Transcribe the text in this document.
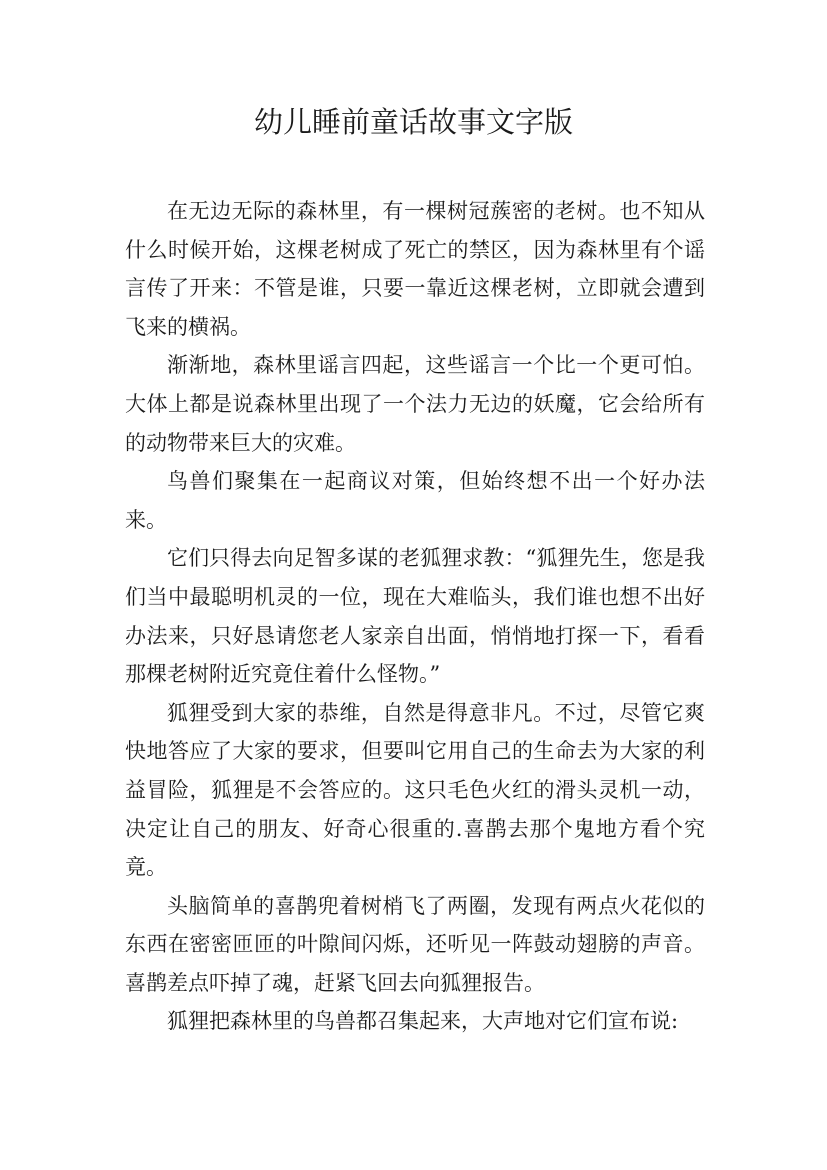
幼儿睡前童话故事文字版

在无边无际的森林里，有一棵树冠蔟密的老树。也不知从什么时候开始，这棵老树成了死亡的禁区，因为森林里有个谣言传了开来：不管是谁，只要一靠近这棵老树，立即就会遭到飞来的横祸。

渐渐地，森林里谣言四起，这些谣言一个比一个更可怕。大体上都是说森林里出现了一个法力无边的妖魔，它会给所有的动物带来巨大的灾难。

鸟兽们聚集在一起商议对策，但始终想不出一个好办法来。

它们只得去向足智多谋的老狐狸求教：“狐狸先生，您是我们当中最聪明机灵的一位，现在大难临头，我们谁也想不出好办法来，只好恳请您老人家亲自出面，悄悄地打探一下，看看那棵老树附近究竟住着什么怪物。”

狐狸受到大家的恭维，自然是得意非凡。不过，尽管它爽快地答应了大家的要求，但要叫它用自己的生命去为大家的利益冒险，狐狸是不会答应的。这只毛色火红的滑头灵机一动，决定让自己的朋友、好奇心很重的.喜鹊去那个鬼地方看个究竟。

头脑简单的喜鹊兜着树梢飞了两圈，发现有两点火花似的东西在密密匝匝的叶隙间闪烁，还听见一阵鼓动翅膀的声音。喜鹊差点吓掉了魂，赶紧飞回去向狐狸报告。

狐狸把森林里的鸟兽都召集起来，大声地对它们宣布说:
